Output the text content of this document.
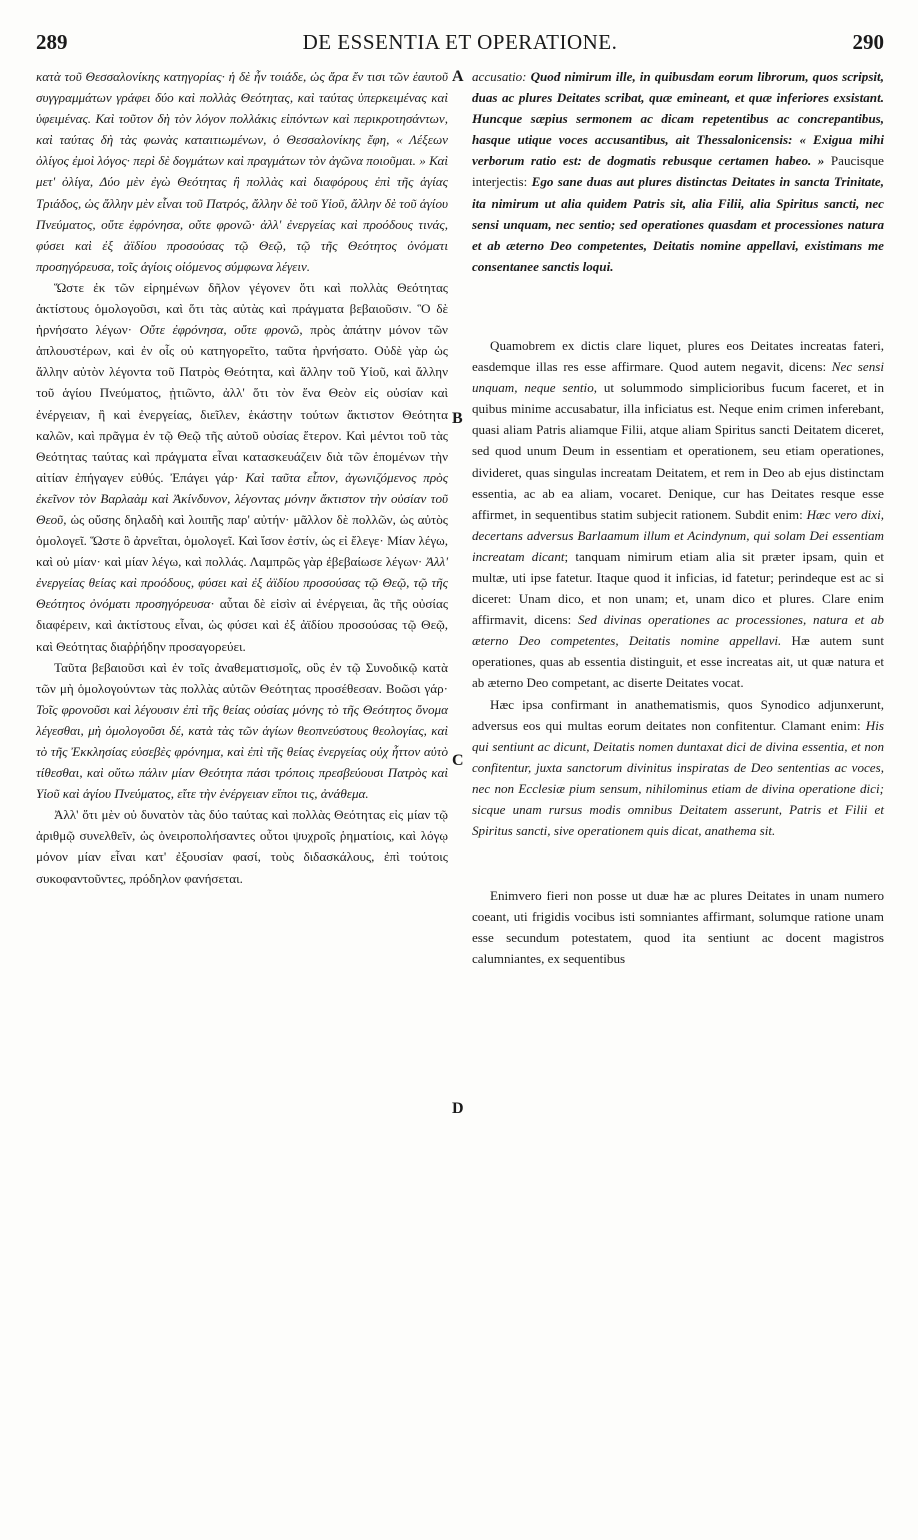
289	DE ESSENTIA ET OPERATIONE.	290
A
B
C
D

κατὰ τοῦ Θεσσαλονίκης κατηγορίας· ἡ δὲ ἦν τοιάδε, ὡς ἄρα ἔν τισι τῶν ἑαυτοῦ συγγραμμάτων γράφει δύο καὶ πολλὰς Θεότητας, καὶ ταύτας ὑπερκειμένας καὶ ὑφειμένας. Καὶ τοῦτον δὴ τὸν λόγον πολλάκις εἰπόντων καὶ περικροτησάντων, καὶ ταύτας δὴ τὰς φωνὰς καταιτιωμένων, ὁ Θεσσαλονίκης ἔφη, « Λέξεων ὀλίγος ἐμοὶ λόγος· περὶ δὲ δογμάτων καὶ πραγμάτων τὸν ἀγῶνα ποιοῦμαι. » Καὶ μετ' ὀλίγα, Δύο μὲν ἐγὼ Θεότητας ἢ πολλὰς καὶ διαφόρους ἐπὶ τῆς ἁγίας Τριάδος, ὡς ἄλλην μὲν εἶναι τοῦ Πατρός, ἄλλην δὲ τοῦ Υἱοῦ, ἄλλην δὲ τοῦ ἁγίου Πνεύματος, οὔτε ἐφρόνησα, οὔτε φρονῶ· ἀλλ' ἐνεργείας καὶ προόδους τινάς, φύσει καὶ ἐξ ἀϊδίου προσούσας τῷ Θεῷ, τῷ τῆς Θεότητος ὀνόματι προσηγόρευσα, τοῖς ἁγίοις οἰόμενος σύμφωνα λέγειν.

Ὥστε ἐκ τῶν εἰρημένων δῆλον γέγονεν ὅτι καὶ πολλὰς Θεότητας ἀκτίστους ὁμολογοῦσι, καὶ ὅτι τὰς αὐτὰς καὶ πράγματα βεβαιοῦσιν. Ὃ δὲ ἠρνήσατο λέγων· Οὔτε ἐφρόνησα, οὔτε φρονῶ, πρὸς ἀπάτην μόνον τῶν ἁπλουστέρων, καὶ ἐν οἷς οὐ κατηγορεῖτο, ταῦτα ἠρνήσατο. Οὐδὲ γὰρ ὡς ἄλλην αὐτὸν λέγοντα τοῦ Πατρὸς Θεότητα, καὶ ἄλλην τοῦ Υἱοῦ, καὶ ἄλλην τοῦ ἁγίου Πνεύματος, ᾐτιῶντο, ἀλλ' ὅτι τὸν ἕνα Θεὸν εἰς οὐσίαν καὶ ἐνέργειαν, ἢ καὶ ἐνεργείας, διεῖλεν, ἑκάστην τούτων ἄκτιστον Θεότητα καλῶν, καὶ πρᾶγμα ἐν τῷ Θεῷ τῆς αὐτοῦ οὐσίας ἕτερον. Καὶ μέντοι τοῦ τὰς Θεότητας ταύτας καὶ πράγματα εἶναι κατασκευάζειν διὰ τῶν ἑπομένων τὴν αἰτίαν ἐπήγαγεν εὐθύς. Ἐπάγει γάρ· Καὶ ταῦτα εἶπον, ἀγωνιζόμενος πρὸς ἐκεῖνον τὸν Βαρλαὰμ καὶ Ἀκίνδυνον, λέγοντας μόνην ἄκτιστον τὴν οὐσίαν τοῦ Θεοῦ, ὡς οὔσης δηλαδὴ καὶ λοιπῆς παρ' αὐτήν· μᾶλλον δὲ πολλῶν, ὡς αὐτὸς ὁμολογεῖ. Ὥστε ὃ ἀρνεῖται, ὁμολογεῖ. Καὶ ἴσον ἐστίν, ὡς εἰ ἔλεγε· Μίαν λέγω, καὶ οὐ μίαν· καὶ μίαν λέγω, καὶ πολλάς. Λαμπρῶς γὰρ ἐβεβαίωσε λέγων· Ἀλλ' ἐνεργείας θείας καὶ προόδους, φύσει καὶ ἐξ ἀϊδίου προσούσας τῷ Θεῷ, τῷ τῆς Θεότητος ὀνόματι προσηγόρευσα· αὗται δὲ εἰσὶν αἱ ἐνέργειαι, ἃς τῆς οὐσίας διαφέρειν, καὶ ἀκτίστους εἶναι, ὡς φύσει καὶ ἐξ ἀϊδίου προσούσας τῷ Θεῷ, καὶ Θεότητας διαῤῥήδην προσαγορεύει.

Ταῦτα βεβαιοῦσι καὶ ἐν τοῖς ἀναθεματισμοῖς, οὓς ἐν τῷ Συνοδικῷ κατὰ τῶν μὴ ὁμολογούντων τὰς πολλὰς αὐτῶν Θεότητας προσέθεσαν. Βοῶσι γάρ· Τοῖς φρονοῦσι καὶ λέγουσιν ἐπὶ τῆς θείας οὐσίας μόνης τὸ τῆς Θεότητος ὄνομα λέγεσθαι, μὴ ὁμολογοῦσι δέ, κατὰ τὰς τῶν ἁγίων θεοπνεύστους θεολογίας, καὶ τὸ τῆς Ἐκκλησίας εὐσεβὲς φρόνημα, καὶ ἐπὶ τῆς θείας ἐνεργείας οὐχ ἧττον αὐτὸ τίθεσθαι, καὶ οὕτω πάλιν μίαν Θεότητα πάσι τρόποις πρεσβεύουσι Πατρὸς καὶ Υἱοῦ καὶ ἁγίου Πνεύματος, εἴτε τὴν ἐνέργειαν εἴποι τις, ἀνάθεμα.

Ἀλλ' ὅτι μὲν οὐ δυνατὸν τὰς δύο ταύτας καὶ πολλὰς Θεότητας εἰς μίαν τῷ ἀριθμῷ συνελθεῖν, ὡς ὀνειροπολήσαντες οὗτοι ψυχροῖς ῥηματίοις, καὶ λόγῳ μόνον μίαν εἶναι κατ' ἐξουσίαν φασί, τοὺς διδασκάλους, ἐπὶ τούτοις συκοφαντοῦντες, πρόδηλον φανήσεται.

accusatio: Quod nimirum ille, in quibusdam eorum librorum, quos scripsit, duas ac plures Deitates scribat, quæ emineant, et quæ inferiores exsistant. Huncque sæpius sermonem ac dicam repetentibus ac concrepantibus, hasque utique voces accusantibus, ait Thessalonicensis: « Exigua mihi verborum ratio est: de dogmatis rebusque certamen habeo. » Paucisque interjectis: Ego sane duas aut plures distinctas Deitates in sancta Trinitate, ita nimirum ut alia quidem Patris sit, alia Filii, alia Spiritus sancti, nec sensi unquam, nec sentio; sed operationes quasdam et processiones natura et ab æterno Deo competentes, Deitatis nomine appellavi, existimans me consentanee sanctis loqui.

Quamobrem ex dictis clare liquet, plures eos Deitates increatas fateri, easdemque illas res esse affirmare. Quod autem negavit, dicens: Nec sensi unquam, neque sentio, ut solummodo simplicioribus fucum faceret, et in quibus minime accusabatur, illa inficiatus est. Neque enim crimen inferebant, quasi aliam Patris aliamque Filii, atque aliam Spiritus sancti Deitatem diceret, sed quod unum Deum in essentiam et operationem, seu etiam operationes, divideret, quas singulas increatam Deitatem, et rem in Deo ab ejus distinctam essentia, ac ab ea aliam, vocaret. Denique, cur has Deitates resque esse affirmet, in sequentibus statim subjecit rationem. Subdit enim: Hæc vero dixi, decertans adversus Barlaamum illum et Acindynum, qui solam Dei essentiam increatam dicant; tanquam nimirum etiam alia sit præter ipsam, quin et multæ, uti ipse fatetur. Itaque quod it inficias, id fatetur; perindeque est ac si diceret: Unam dico, et non unam; et, unam dico et plures. Clare enim affirmavit, dicens: Sed divinas operationes ac processiones, natura et ab æterno Deo competentes, Deitatis nomine appellavi. Hæ autem sunt operationes, quas ab essentia distinguit, et esse increatas ait, ut quæ natura et ab æterno Deo competant, ac diserte Deitates vocat.

Hæc ipsa confirmant in anathematismis, quos Synodico adjunxerunt, adversus eos qui multas eorum deitates non confitentur. Clamant enim: His qui sentiunt ac dicunt, Deitatis nomen duntaxat dici de divina essentia, et non confitentur, juxta sanctorum divinitus inspiratas de Deo sententias ac voces, nec non Ecclesiæ pium sensum, nihilominus etiam de divina operatione dici; sicque unam rursus modis omnibus Deitatem asserunt, Patris et Filii et Spiritus sancti, sive operationem quis dicat, anathema sit.

Enimvero fieri non posse ut duæ hæ ac plures Deitates in unam numero coeant, uti frigidis vocibus isti somniantes affirmant, solumque ratione unam esse secundum potestatem, quod ita sentiunt ac docent magistros calumniantes, ex sequentibus
